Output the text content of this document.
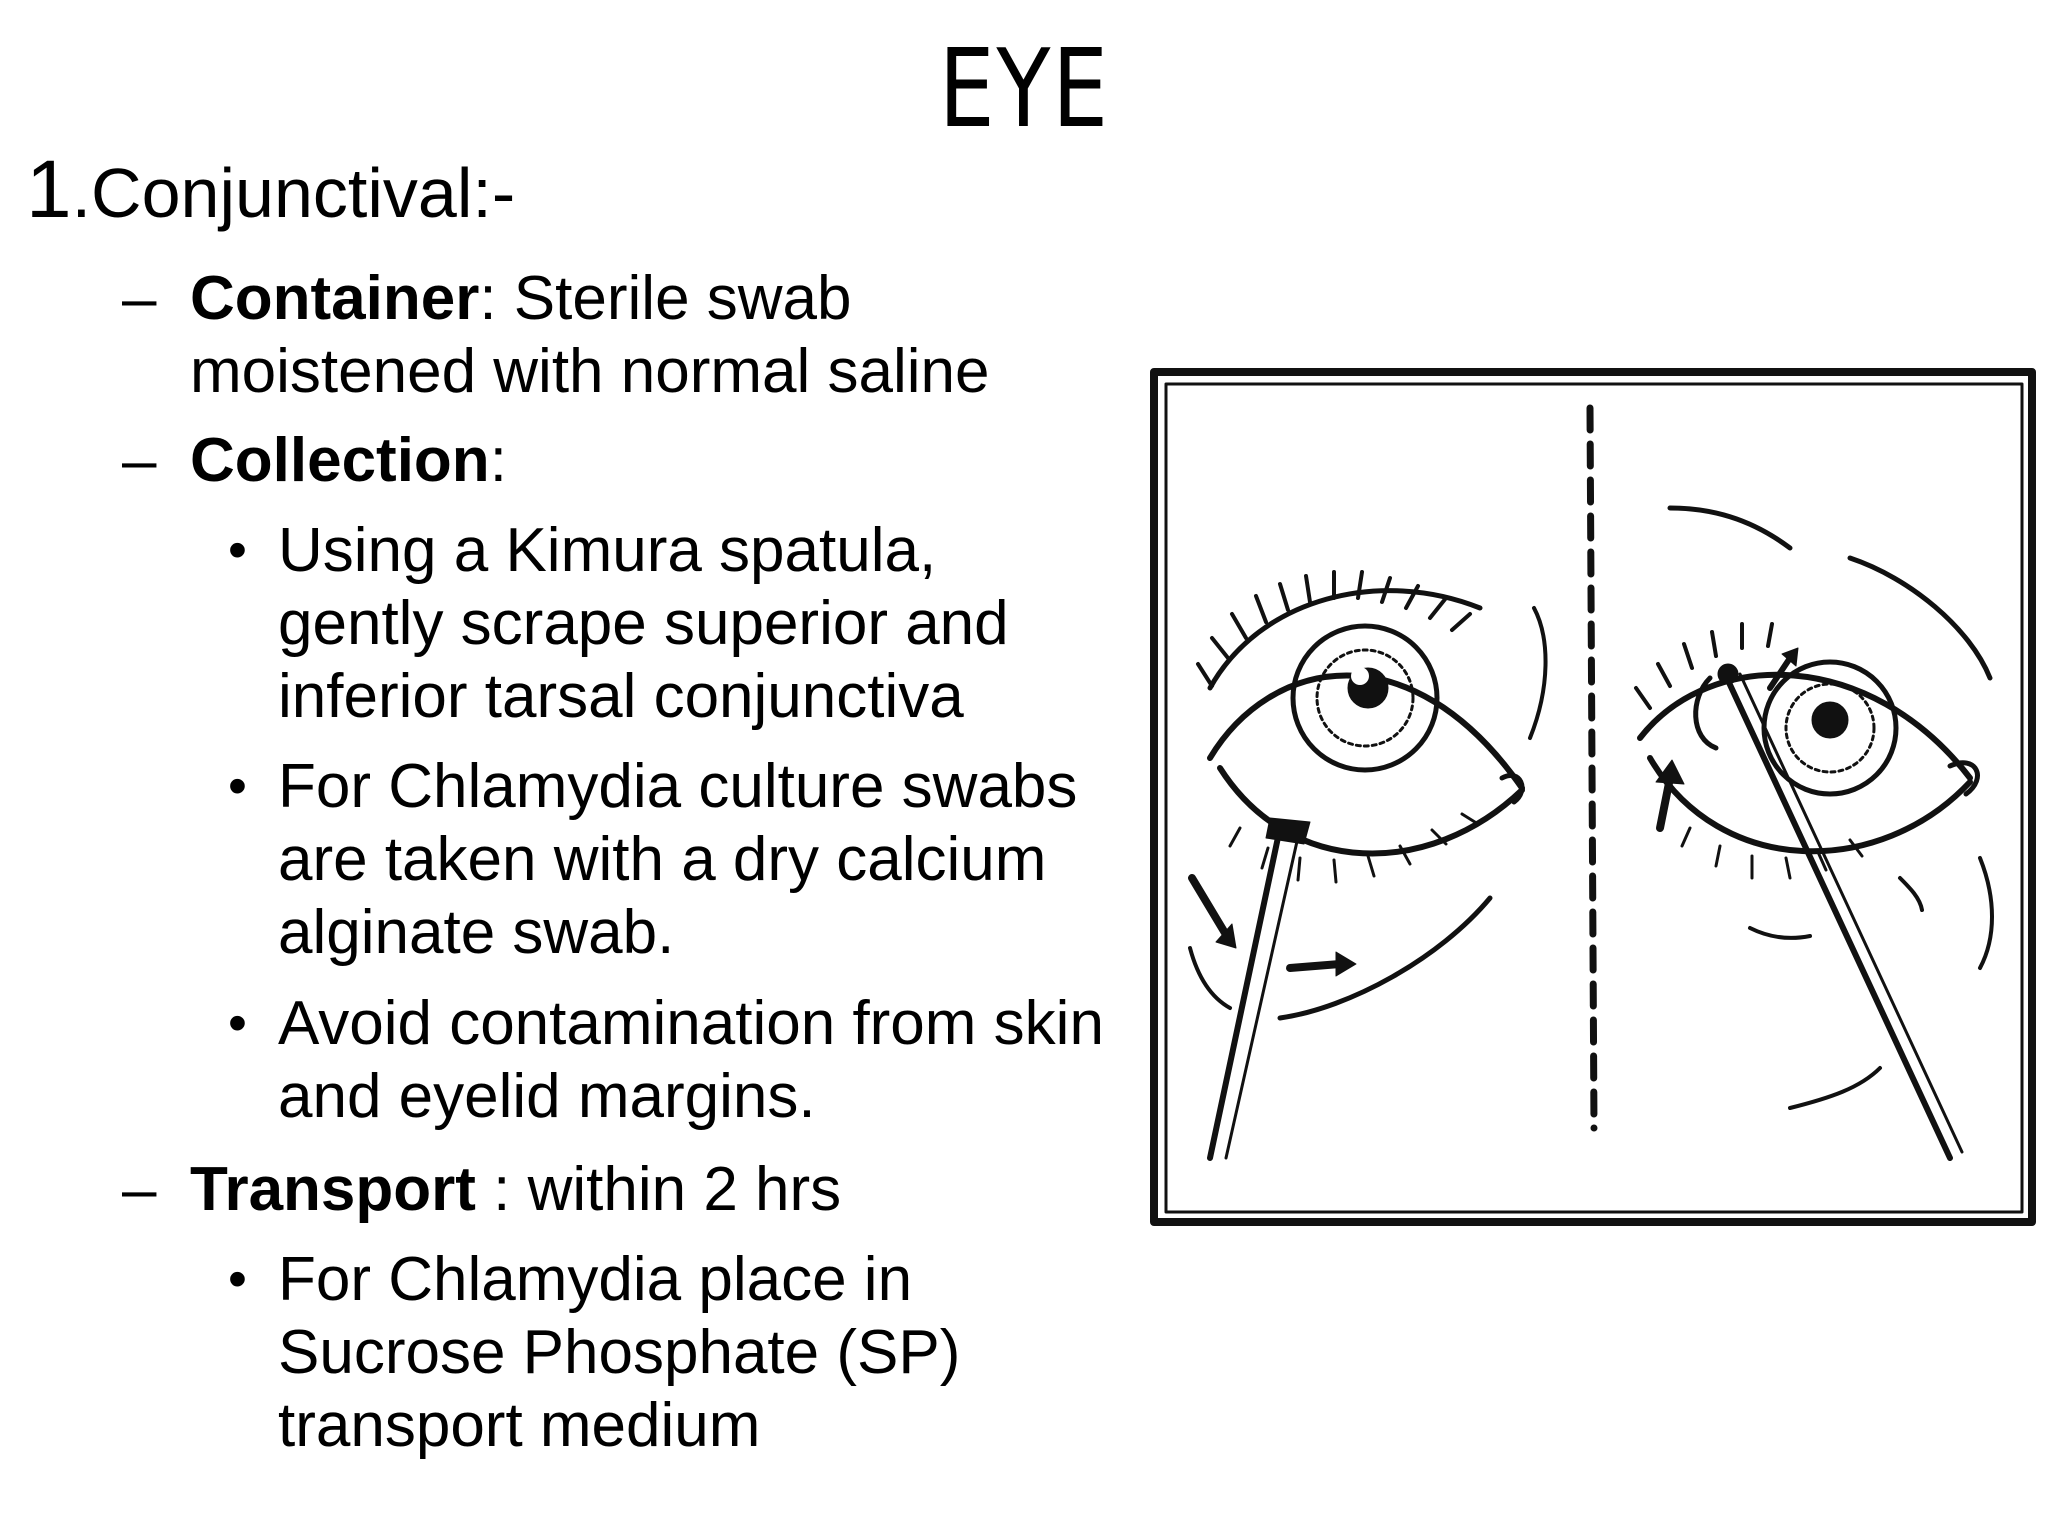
EYE
1.Conjunctival:-
– Container: Sterile swab moistened with normal saline
– Collection:
• Using a Kimura spatula, gently scrape superior and inferior tarsal conjunctiva
• For Chlamydia culture swabs are taken with a dry calcium alginate swab.
• Avoid contamination from skin and eyelid margins.
– Transport : within 2 hrs
• For Chlamydia place in Sucrose Phosphate (SP) transport medium
